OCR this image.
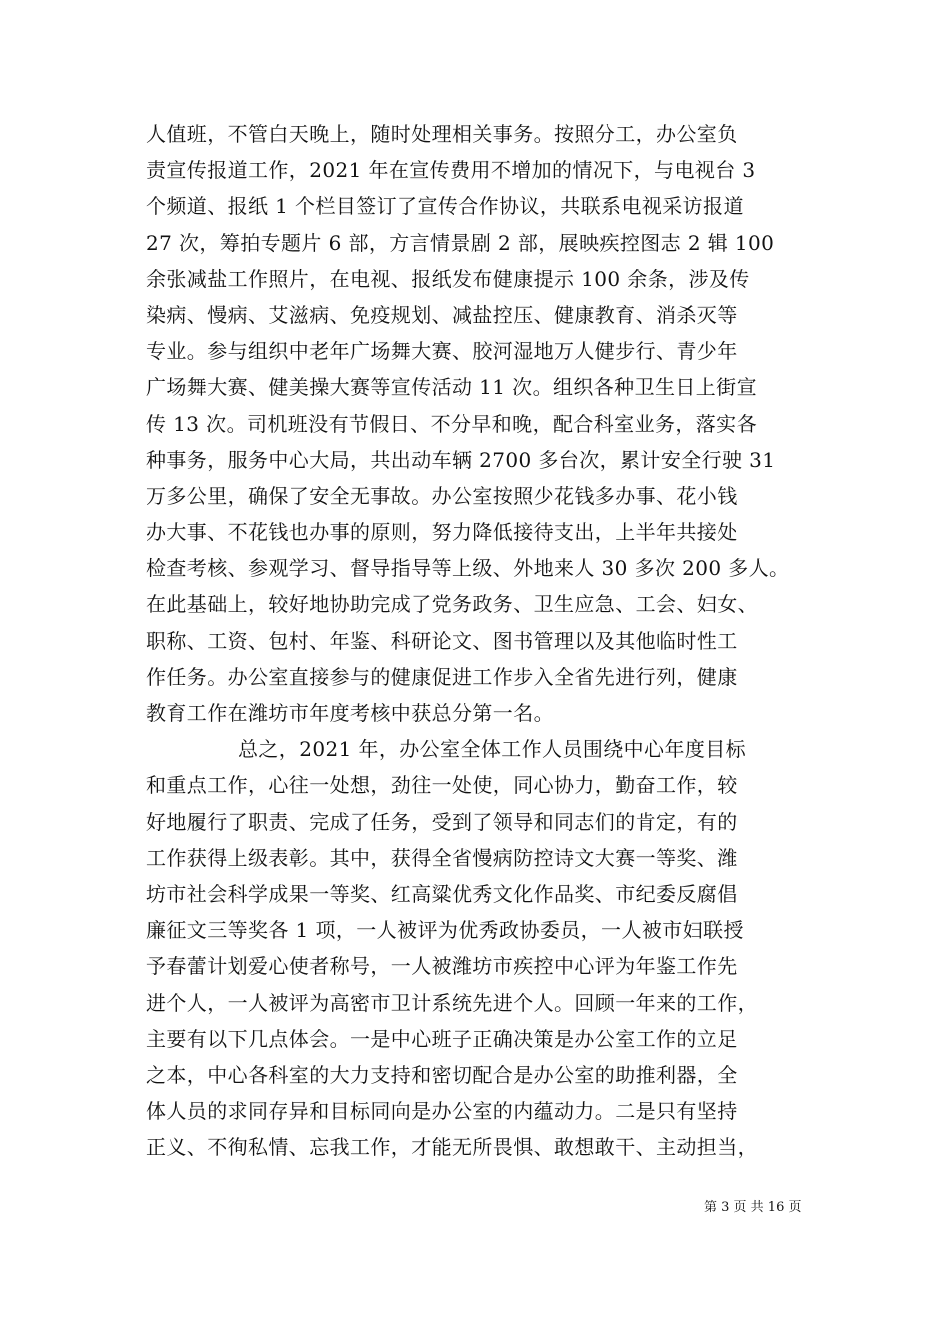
人值班，不管白天晚上，随时处理相关事务。按照分工，办公室负
责宣传报道工作，2021 年在宣传费用不增加的情况下，与电视台 3
个频道、报纸 1 个栏目签订了宣传合作协议，共联系电视采访报道
27 次，筹拍专题片 6 部，方言情景剧 2 部，展映疾控图志 2 辑 100
余张减盐工作照片，在电视、报纸发布健康提示 100 余条，涉及传
染病、慢病、艾滋病、免疫规划、减盐控压、健康教育、消杀灭等
专业。参与组织中老年广场舞大赛、胶河湿地万人健步行、青少年
广场舞大赛、健美操大赛等宣传活动 11 次。组织各种卫生日上街宣
传 13 次。司机班没有节假日、不分早和晚，配合科室业务，落实各
种事务，服务中心大局，共出动车辆 2700 多台次，累计安全行驶 31
万多公里，确保了安全无事故。办公室按照少花钱多办事、花小钱
办大事、不花钱也办事的原则，努力降低接待支出，上半年共接处
检查考核、参观学习、督导指导等上级、外地来人 30 多次 200 多人。
在此基础上，较好地协助完成了党务政务、卫生应急、工会、妇女、
职称、工资、包村、年鉴、科研论文、图书管理以及其他临时性工
作任务。办公室直接参与的健康促进工作步入全省先进行列，健康
教育工作在潍坊市年度考核中获总分第一名。
总之，2021 年，办公室全体工作人员围绕中心年度目标
和重点工作，心往一处想，劲往一处使，同心协力，勤奋工作，较
好地履行了职责、完成了任务，受到了领导和同志们的肯定，有的
工作获得上级表彰。其中，获得全省慢病防控诗文大赛一等奖、潍
坊市社会科学成果一等奖、红高粱优秀文化作品奖、市纪委反腐倡
廉征文三等奖各 1 项，一人被评为优秀政协委员，一人被市妇联授
予春蕾计划爱心使者称号，一人被潍坊市疾控中心评为年鉴工作先
进个人，一人被评为高密市卫计系统先进个人。回顾一年来的工作，
主要有以下几点体会。一是中心班子正确决策是办公室工作的立足
之本，中心各科室的大力支持和密切配合是办公室的助推利器，全
体人员的求同存异和目标同向是办公室的内蕴动力。二是只有坚持
正义、不徇私情、忘我工作，才能无所畏惧、敢想敢干、主动担当，
第 3 页 共 16 页
